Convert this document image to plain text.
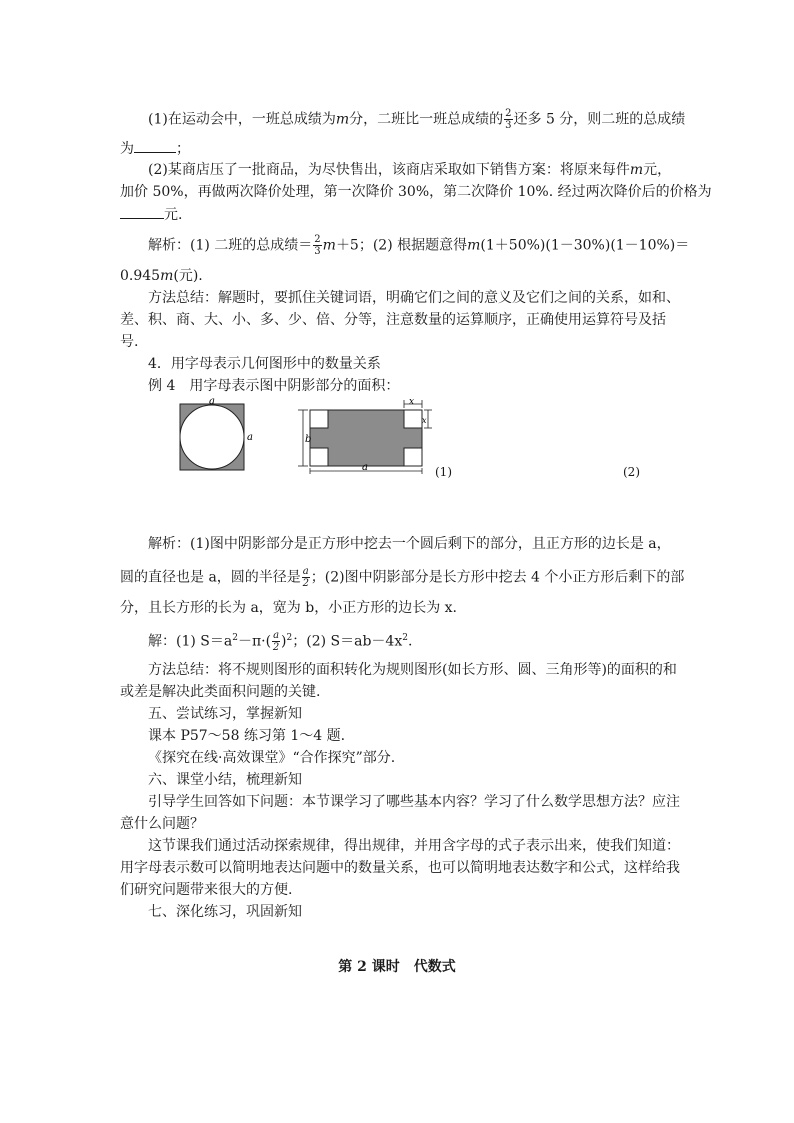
(1)在运动会中，一班总成绩为m分，二班比一班总成绩的 $\frac{2}{3}$ 还多 5 分，则二班的总成绩
为	；
(2)某商店压了一批商品，为尽快售出，该商店采取如下销售方案：将原来每件m元，
加价 50%，再做两次降价处理，第一次降价 30%，第二次降价 10%. 经过两次降价后的价格为
元.
解析：(1) 二班的总成绩＝ $\frac{2}{3} m+5$；(2) 根据题意得m(1＋50%)(1－30%)(1－10%)＝
0.945m(元).
方法总结：解题时，要抓住关键词语，明确它们之间的意义及它们之间的关系，如和、
差、积、商、大、小、多、少、倍、分等，注意数量的运算顺序，正确使用运算符号及括
号.
4．用字母表示几何图形中的数量关系
例 4　用字母表示图中阴影部分的面积：
a
a	b
a
x
x
(1)	(2)
解析：(1)图中阴影部分是正方形中挖去一个圆后剩下的部分，且正方形的边长是 a，
圆的直径也是 a，圆的半径是 $\frac{a}{2}$ ；(2)图中阴影部分是长方形中挖去 4 个小正方形后剩下的部
分，且长方形的长为 a，宽为 b，小正方形的边长为 x.
解：(1) $S=a^2-\pi\cdot( \frac{a}{2} )^2$；(2) $S=ab-4x^2$.
方法总结：将不规则图形的面积转化为规则图形(如长方形、圆、三角形等)的面积的和
或差是解决此类面积问题的关键.
五、尝试练习，掌握新知
课本 P57～58 练习第 1～4 题.
《探究在线·高效课堂》“合作探究”部分.
六、课堂小结，梳理新知
引导学生回答如下问题：本节课学习了哪些基本内容？学习了什么数学思想方法？应注
意什么问题？
这节课我们通过活动探索规律，得出规律，并用含字母的式子表示出来，使我们知道：
用字母表示数可以简明地表达问题中的数量关系，也可以简明地表达数字和公式，这样给我
们研究问题带来很大的方便.
七、深化练习，巩固新知
第 2 课时　代数式
